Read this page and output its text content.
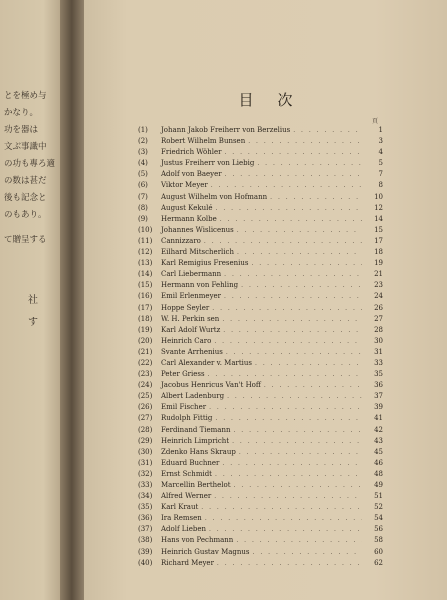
とを極め与
かなり。
功を器は
文ぶ事識中
の功も專ろ適
の数は甚だ
後も記念と
のもあり。
て贈呈する
社
す
目次
頁
(1)	Johann Jakob Freiherr von Berzelius . . .	1
(2)	Robert Wilhelm Bunsen . . .	3
(3)	Friedrich Wöhler . . .	4
(4)	Justus Freiherr von Liebig . . .	5
(5)	Adolf von Baeyer . . .	7
(6)	Viktor Meyer . . .	8
(7)	August Wilhelm von Hofmann . . .	10
(8)	August Kekulé . . .	12
(9)	Hermann Kolbe . . .	14
(10)	Johannes Wislicenus . . .	15
(11)	Cannizzaro . . .	17
(12)	Eilhard Mitscherlich . . .	18
(13)	Karl Remigius Fresenius . . .	19
(14)	Carl Liebermann . . .	21
(15)	Hermann von Fehling . . .	23
(16)	Emil Erlenmeyer . . .	24
(17)	Hoppe Seyler . . .	26
(18)	W. H. Perkin sen . . .	27
(19)	Karl Adolf Wurtz . . .	28
(20)	Heinrich Caro . . .	30
(21)	Svante Arrhenius . . .	31
(22)	Carl Alexander v. Martius . . .	33
(23)	Peter Griess . . .	35
(24)	Jacobus Henricus Van't Hoff . . .	36
(25)	Albert Ladenburg . . .	37
(26)	Emil Fischer . . .	39
(27)	Rudolph Fittig . . .	41
(28)	Ferdinand Tiemann . . .	42
(29)	Heinrich Limpricht . . .	43
(30)	Zdenko Hans Skraup . . .	45
(31)	Eduard Buchner . . .	46
(32)	Ernst Schmidt . . .	48
(33)	Marcellin Berthelot . . .	49
(34)	Alfred Werner . . .	51
(35)	Karl Kraut . . .	52
(36)	Ira Remsen . . .	54
(37)	Adolf Lieben . . .	56
(38)	Hans von Pechmann . . .	58
(39)	Heinrich Gustav Magnus . . .	60
(40)	Richard Meyer . . .	62
